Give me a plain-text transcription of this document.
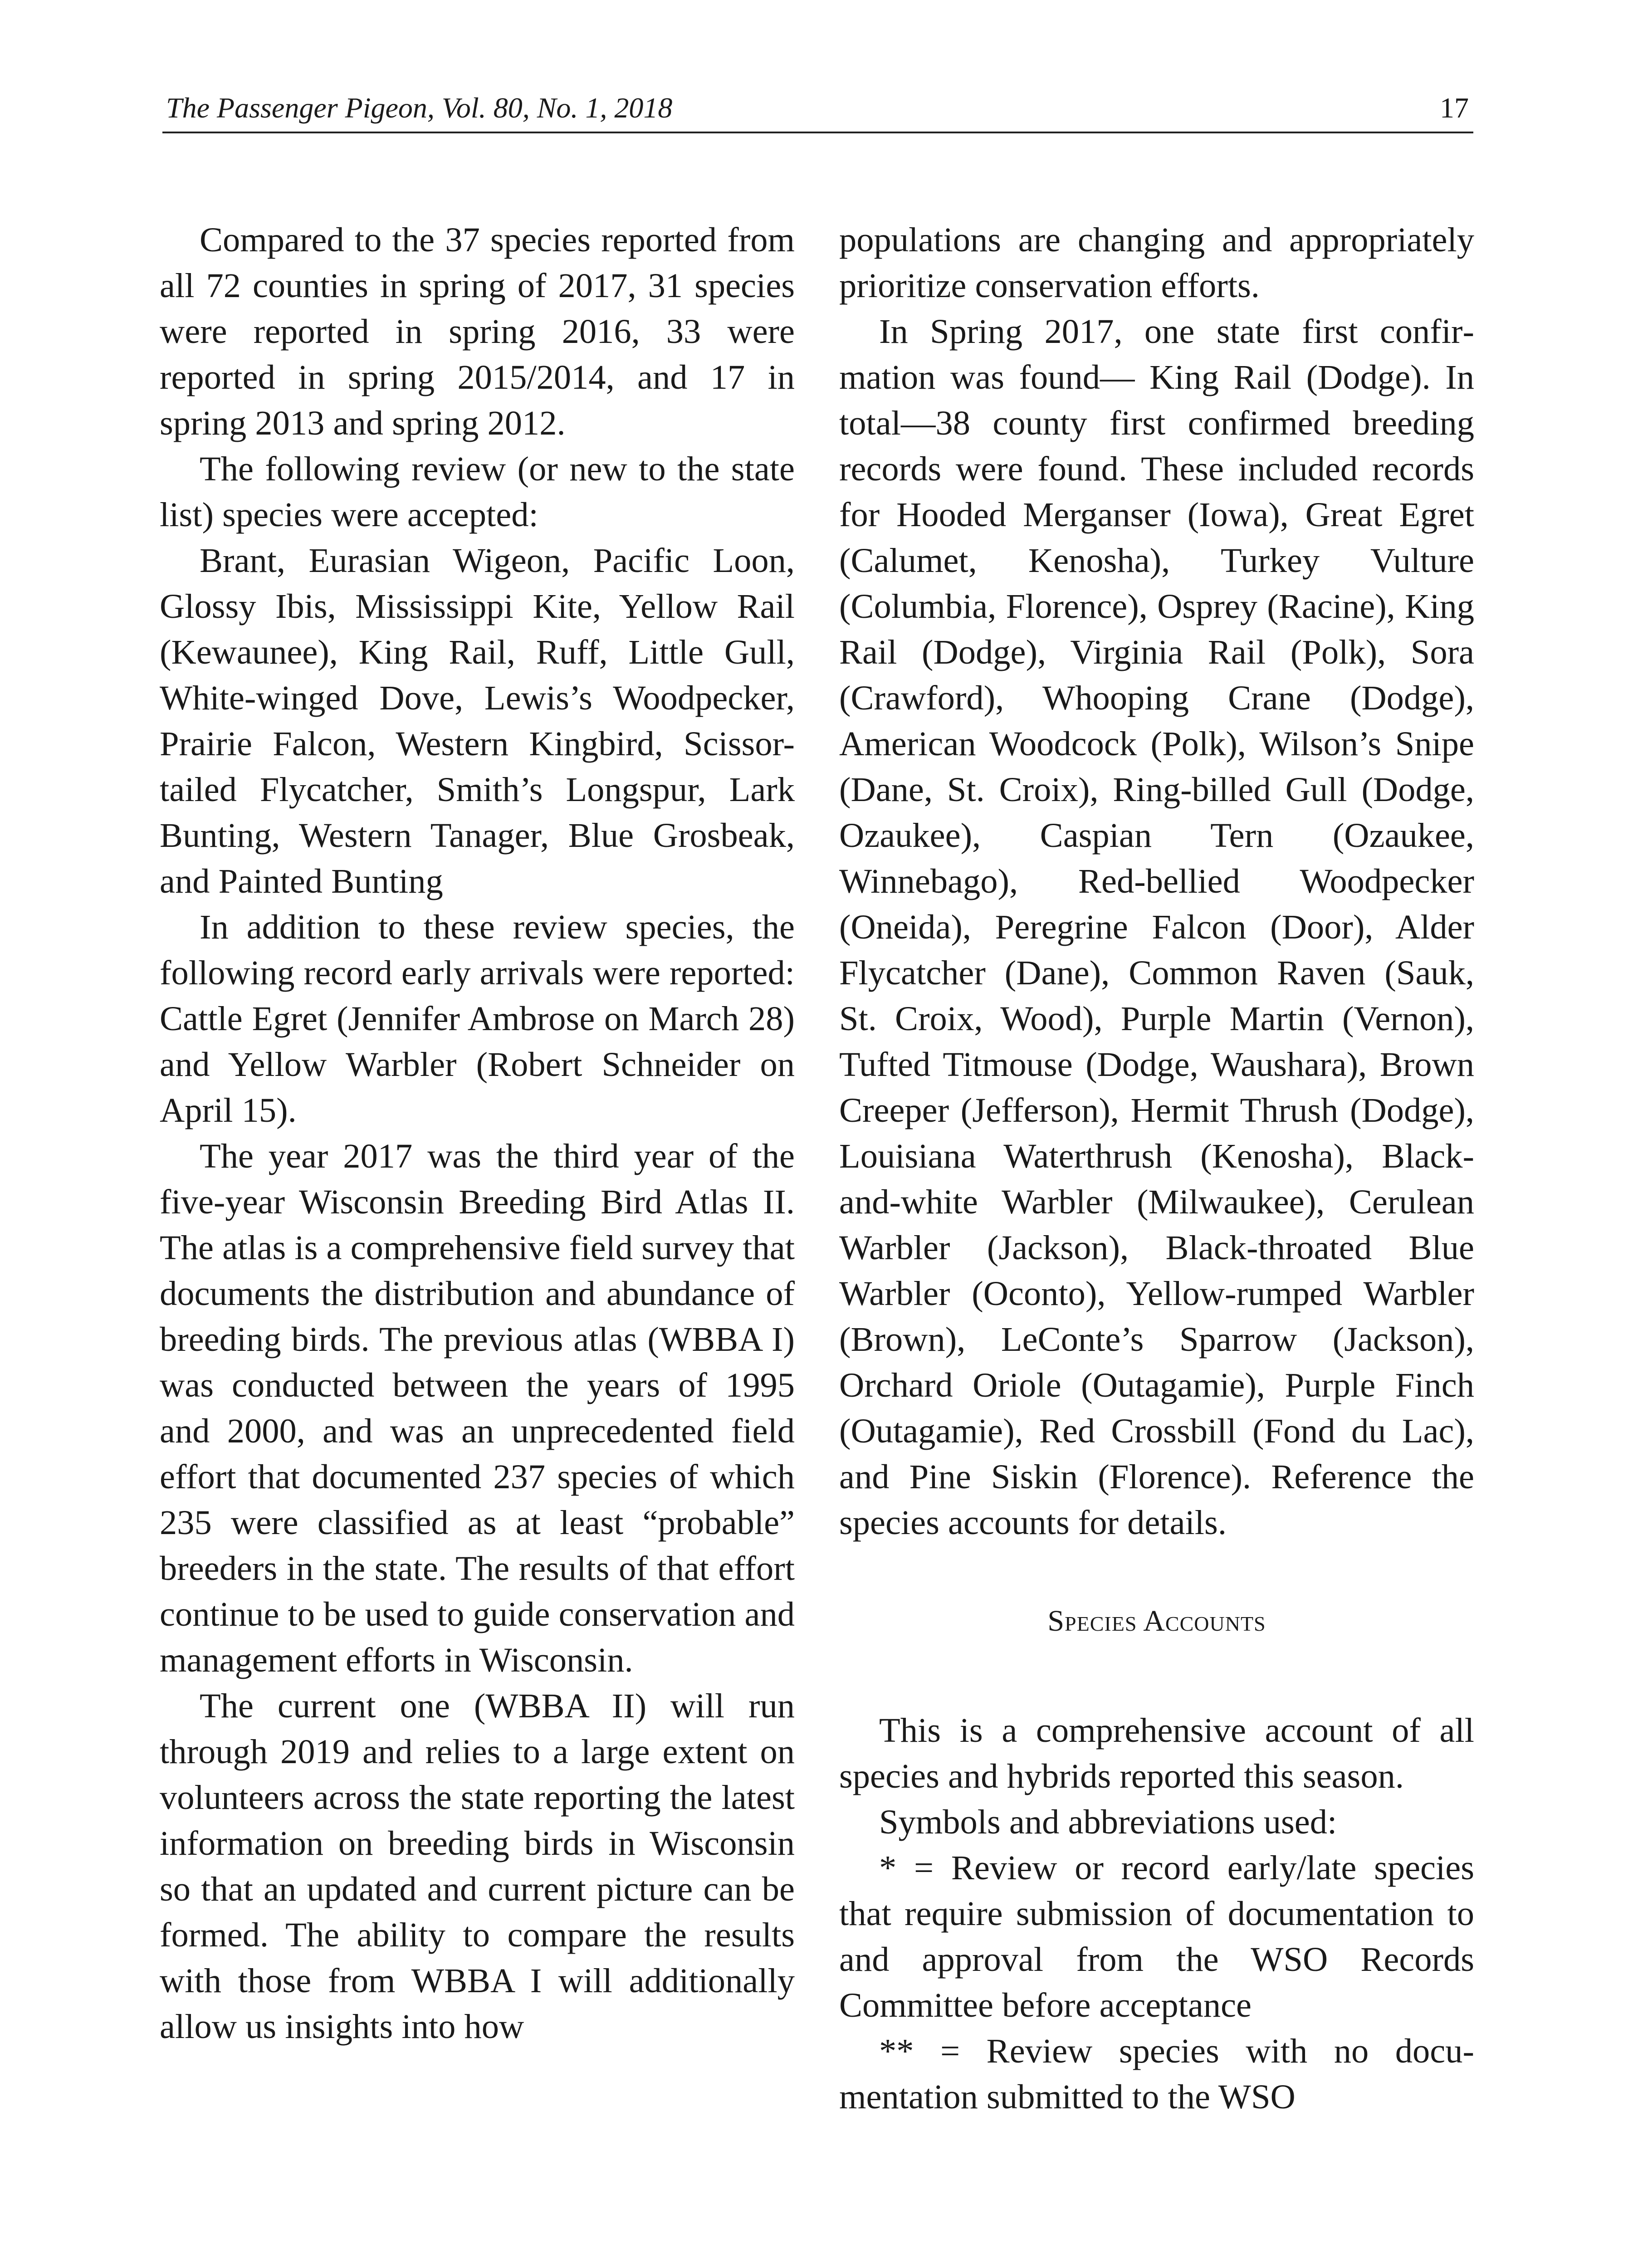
The Passenger Pigeon, Vol. 80, No. 1, 2018	17

Compared to the 37 species reported from all 72 counties in spring of 2017, 31 species were reported in spring 2016, 33 were reported in spring 2015/2014, and 17 in spring 2013 and spring 2012.

The following review (or new to the state list) species were accepted:

Brant, Eurasian Wigeon, Pacific Loon, Glossy Ibis, Mississippi Kite, Yellow Rail (Kewaunee), King Rail, Ruff, Little Gull, White-winged Dove, Lewis’s Woodpecker, Prairie Falcon, Western Kingbird, Scissor-tailed Flycatcher, Smith’s Longspur, Lark Bunting, Western Tanager, Blue Grosbeak, and Painted Bunting

In addition to these review species, the following record early arrivals were reported: Cattle Egret (Jennifer Ambrose on March 28) and Yellow Warbler (Robert Schneider on April 15).

The year 2017 was the third year of the five-year Wisconsin Breeding Bird Atlas II. The atlas is a comprehensive field survey that documents the distribution and abundance of breeding birds. The previous atlas (WBBA I) was conducted between the years of 1995 and 2000, and was an unprecedented field effort that documented 237 species of which 235 were classified as at least “probable” breeders in the state. The results of that effort continue to be used to guide conservation and management efforts in Wisconsin.

The current one (WBBA II) will run through 2019 and relies to a large extent on volunteers across the state reporting the latest information on breeding birds in Wisconsin so that an updated and current picture can be formed. The ability to compare the results with those from WBBA I will additionally allow us insights into how

populations are changing and appropriately prioritize conservation efforts.

In Spring 2017, one state first confirmation was found— King Rail (Dodge). In total—38 county first confirmed breeding records were found. These included records for Hooded Merganser (Iowa), Great Egret (Calumet, Kenosha), Turkey Vulture (Columbia, Florence), Osprey (Racine), King Rail (Dodge), Virginia Rail (Polk), Sora (Crawford), Whooping Crane (Dodge), American Woodcock (Polk), Wilson’s Snipe (Dane, St. Croix), Ring-billed Gull (Dodge, Ozaukee), Caspian Tern (Ozaukee, Winnebago), Red-bellied Woodpecker (Oneida), Peregrine Falcon (Door), Alder Flycatcher (Dane), Common Raven (Sauk, St. Croix, Wood), Purple Martin (Vernon), Tufted Titmouse (Dodge, Waushara), Brown Creeper (Jefferson), Hermit Thrush (Dodge), Louisiana Waterthrush (Kenosha), Black-and-white Warbler (Milwaukee), Cerulean Warbler (Jackson), Black-throated Blue Warbler (Oconto), Yellow-rumped Warbler (Brown), LeConte’s Sparrow (Jackson), Orchard Oriole (Outagamie), Purple Finch (Outagamie), Red Crossbill (Fond du Lac), and Pine Siskin (Florence). Reference the species accounts for details.

Species Accounts

This is a comprehensive account of all species and hybrids reported this season.

Symbols and abbreviations used:

* = Review or record early/late species that require submission of documentation to and approval from the WSO Records Committee before acceptance

** = Review species with no documentation submitted to the WSO
